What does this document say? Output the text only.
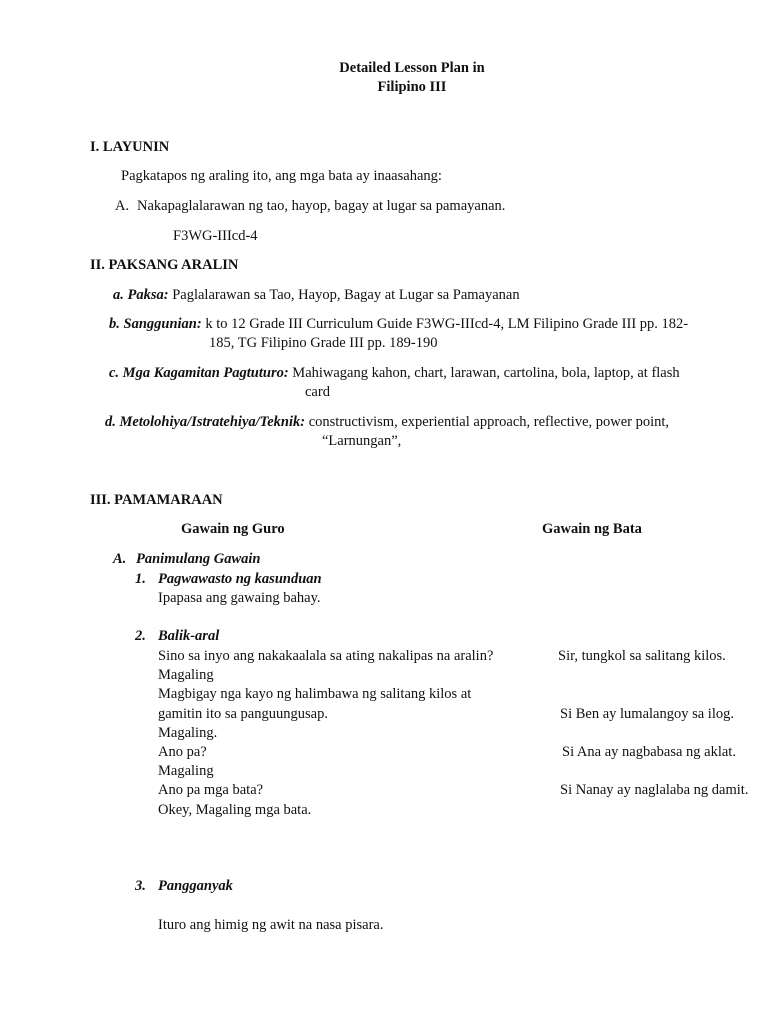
Detailed Lesson Plan in
Filipino III
I. LAYUNIN
Pagkatapos ng araling ito, ang mga bata ay inaasahang:
A. Nakapaglalarawan ng tao, hayop, bagay at lugar sa pamayanan.
F3WG-IIIcd-4
II. PAKSANG ARALIN
a. Paksa: Paglalarawan sa Tao, Hayop, Bagay at Lugar sa Pamayanan
b. Sanggunian: k to 12 Grade III Curriculum Guide F3WG-IIIcd-4, LM Filipino Grade III pp. 182-
185, TG Filipino Grade III pp. 189-190
c. Mga Kagamitan Pagtuturo: Mahiwagang kahon, chart, larawan, cartolina, bola, laptop, at flash
card
d. Metolohiya/Istratehiya/Teknik: constructivism, experiential approach, reflective, power point,
“Larnungan”,
III. PAMAMARAAN
Gawain ng Guro	Gawain ng Bata
A. Panimulang Gawain
1. Pagwawasto ng kasunduan
Ipapasa ang gawaing bahay.
2. Balik-aral
Sino sa inyo ang nakakaalala sa ating nakalipas na aralin?
Magaling
Magbigay nga kayo ng halimbawa ng salitang kilos at
gamitin ito sa panguungusap.
Magaling.
Ano pa?
Magaling
Ano pa mga bata?
Okey, Magaling mga bata.
Sir, tungkol sa salitang kilos.
Si Ben ay lumalangoy sa ilog.
Si Ana ay nagbabasa ng aklat.
Si Nanay ay naglalaba ng damit.
3. Pangganyak
Ituro ang himig ng awit na nasa pisara.
